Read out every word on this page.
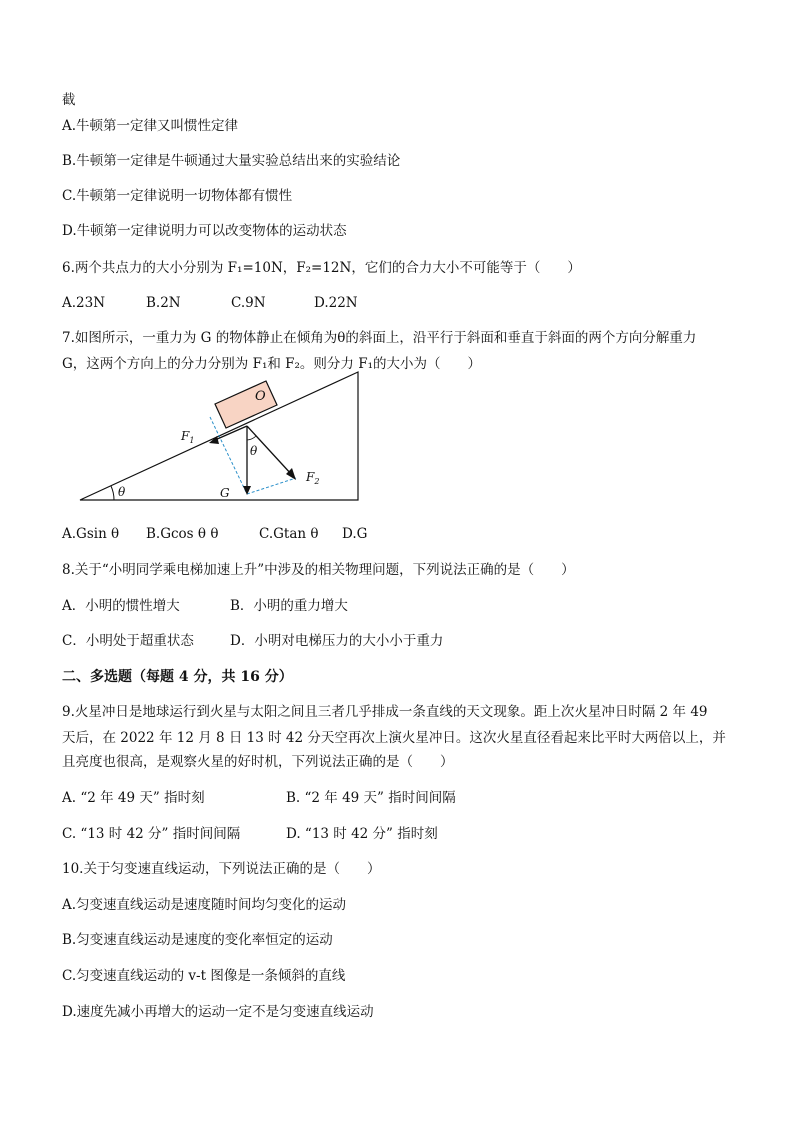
截
A.牛顿第一定律又叫惯性定律
B.牛顿第一定律是牛顿通过大量实验总结出来的实验结论
C.牛顿第一定律说明一切物体都有惯性
D.牛顿第一定律说明力可以改变物体的运动状态
6.两个共点力的大小分别为 F₁=10N，F₂=12N，它们的合力大小不可能等于（　　）
A.23N	B.2N	C.9N	D.22N
7.如图所示，一重力为 G 的物体静止在倾角为θ的斜面上，沿平行于斜面和垂直于斜面的两个方向分解重力
G，这两个方向上的分力分别为 F₁和 F₂。则分力 F₁的大小为（　　）
θ
O
G
$F_2$
$F_1$
θ
A.Gsin θ B.Gcos θ θ	C.Gtan θ D.G
8.关于“小明同学乘电梯加速上升”中涉及的相关物理问题，下列说法正确的是（　　）
A．小明的惯性增大	B．小明的重力增大
C．小明处于超重状态	D．小明对电梯压力的大小小于重力
二、多选题（每题 4 分，共 16 分）
9.火星冲日是地球运行到火星与太阳之间且三者几乎排成一条直线的天文现象。距上次火星冲日时隔 2 年 49
天后，在 2022 年 12 月 8 日 13 时 42 分天空再次上演火星冲日。这次火星直径看起来比平时大两倍以上，并
且亮度也很高，是观察火星的好时机，下列说法正确的是（　　）
A. “2 年 49 天” 指时刻	B. “2 年 49 天” 指时间间隔
C. “13 时 42 分” 指时间间隔	D. “13 时 42 分” 指时刻
10.关于匀变速直线运动，下列说法正确的是（　　）
A.匀变速直线运动是速度随时间均匀变化的运动
B.匀变速直线运动是速度的变化率恒定的运动
C.匀变速直线运动的 v-t 图像是一条倾斜的直线
D.速度先减小再增大的运动一定不是匀变速直线运动
